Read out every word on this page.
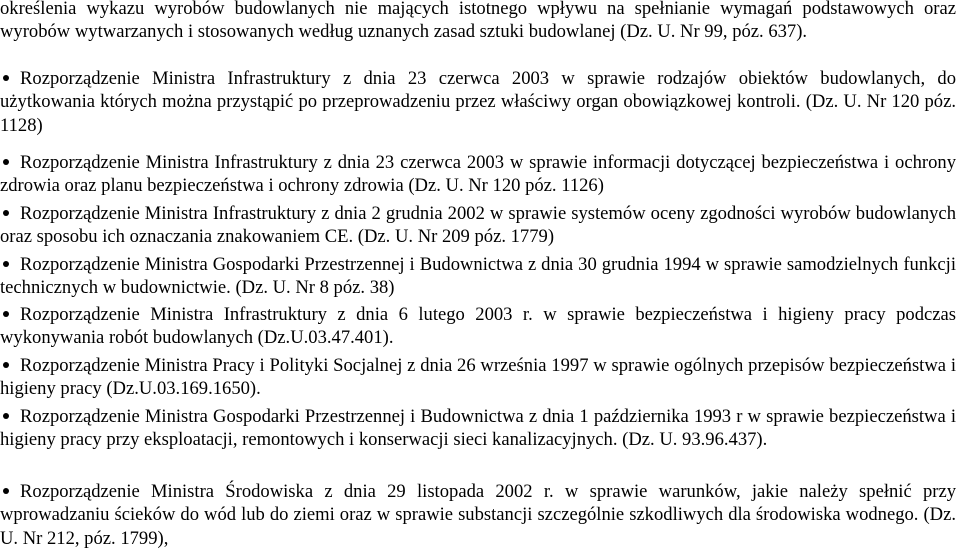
określenia wykazu wyrobów budowlanych nie mających istotnego wpływu na spełnianie wymagań podstawowych oraz wyrobów wytwarzanych i stosowanych według uznanych zasad sztuki budowlanej (Dz. U. Nr 99, póz. 637).

Rozporządzenie Ministra Infrastruktury z dnia 23 czerwca 2003 w sprawie rodzajów obiektów budowlanych, do użytkowania których można przystąpić po przeprowadzeniu przez właściwy organ obowiązkowej kontroli. (Dz. U. Nr 120 póz. 1128)

Rozporządzenie Ministra Infrastruktury z dnia 23 czerwca 2003 w sprawie informacji dotyczącej bezpieczeństwa i ochrony zdrowia oraz planu bezpieczeństwa i ochrony zdrowia (Dz. U. Nr 120 póz. 1126)

Rozporządzenie Ministra Infrastruktury z dnia 2 grudnia 2002 w sprawie systemów oceny zgodności wyrobów budowlanych oraz sposobu ich oznaczania znakowaniem CE. (Dz. U. Nr 209 póz. 1779)

Rozporządzenie Ministra Gospodarki Przestrzennej i Budownictwa z dnia 30 grudnia 1994 w sprawie samodzielnych funkcji technicznych w budownictwie. (Dz. U. Nr 8 póz. 38)

Rozporządzenie Ministra Infrastruktury z dnia 6 lutego 2003 r. w sprawie bezpieczeństwa i higieny pracy podczas wykonywania robót budowlanych (Dz.U.03.47.401).

Rozporządzenie Ministra Pracy i Polityki Socjalnej z dnia 26 września 1997 w sprawie ogólnych przepisów bezpieczeństwa i higieny pracy (Dz.U.03.169.1650).

Rozporządzenie Ministra Gospodarki Przestrzennej i Budownictwa z dnia 1 października 1993 r w sprawie bezpieczeństwa i higieny pracy przy eksploatacji, remontowych i konserwacji sieci kanalizacyjnych. (Dz. U. 93.96.437).

Rozporządzenie Ministra Środowiska z dnia 29 listopada 2002 r. w sprawie warunków, jakie należy spełnić przy wprowadzaniu ścieków do wód lub do ziemi oraz w sprawie substancji szczególnie szkodliwych dla środowiska wodnego. (Dz. U. Nr 212, póz. 1799),
